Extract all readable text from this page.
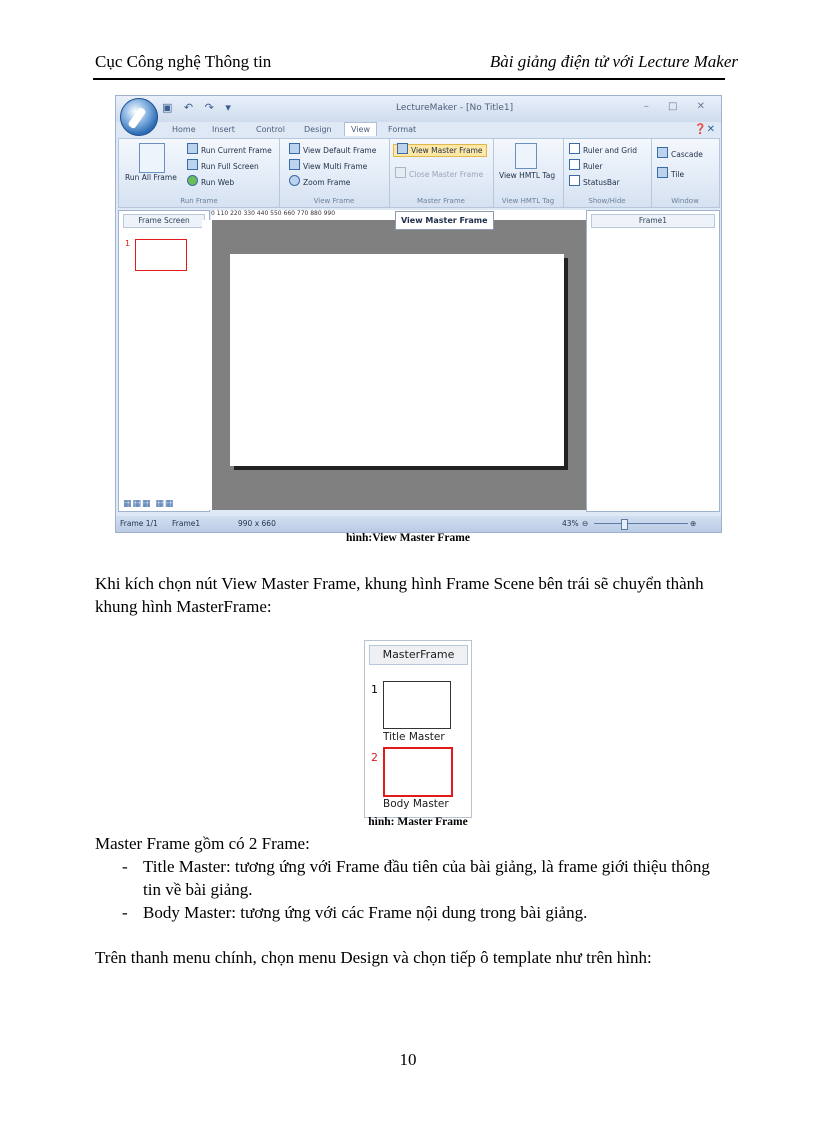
Cục Công nghệ Thông tin	Bài giảng điện tử với Lecture Maker
▣ ↶ ↷ ▾	LectureMaker - [No Title1]	– □ ✕
Home Insert	Control Design	View	Format	❓✕
Run All Frame
Run Current Frame
Run Full Screen
Run Web
Run Frame
View Default Frame
View Multi Frame
Zoom Frame
View Frame
View Master Frame
Close Master Frame
Master Frame
View HMTL Tag
View HMTL Tag
Ruler and Grid
Ruler
StatusBar
Show/Hide
Cascade
Tile
Window
Frame Screen
1
▦▦▦ ▦▦
0 110 220 330 440 550 660 770 880 990
View Master Frame	Frame1
Frame 1/1 Frame1	990 x 660	43% ⊖	⊕
hình:View Master Frame
Khi kích chọn nút View Master Frame, khung hình Frame Scene bên trái sẽ chuyển thành khung hình MasterFrame:
MasterFrame
1
Title Master
2
Body Master
hình: Master Frame
Master Frame gồm có 2 Frame:
- Title Master: tương ứng với Frame đầu tiên của bài giảng, là frame giới thiệu thông tin về bài giảng.
- Body Master: tương ứng với các Frame nội dung trong bài giảng.
Trên thanh menu chính, chọn menu Design và chọn tiếp ô template như trên hình:
10
